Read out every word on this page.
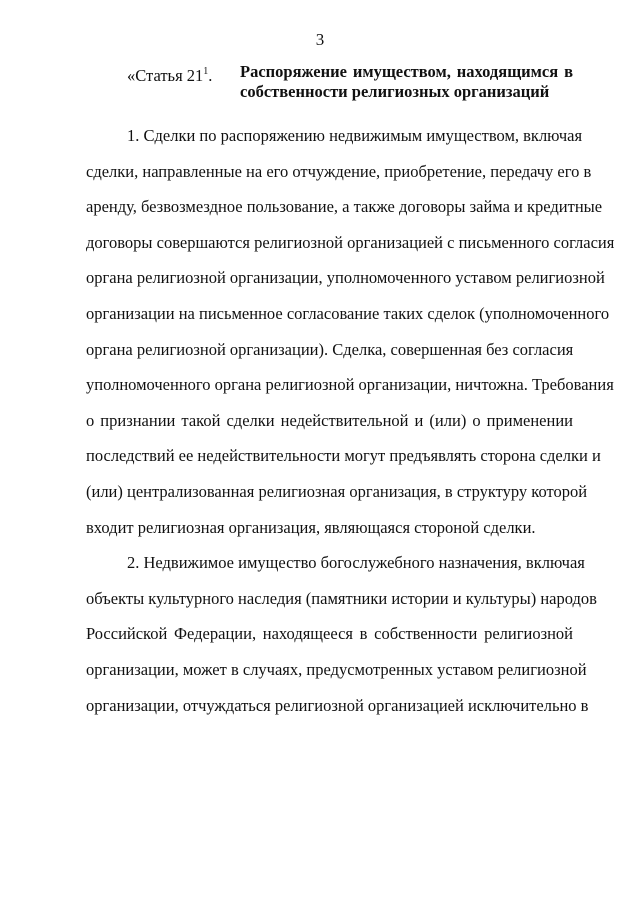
3
«Статья $21^1$. Распоряжение имуществом, находящимся в
собственности религиозных организаций

1. Сделки по распоряжению недвижимым имуществом, включая
сделки, направленные на его отчуждение, приобретение, передачу его в
аренду, безвозмездное пользование, а также договоры займа и кредитные
договоры совершаются религиозной организацией с письменного согласия
органа религиозной организации, уполномоченного уставом религиозной
организации на письменное согласование таких сделок (уполномоченного
органа религиозной организации). Сделка, совершенная без согласия
уполномоченного органа религиозной организации, ничтожна. Требования
о признании такой сделки недействительной и (или) о применении
последствий ее недействительности могут предъявлять сторона сделки и
(или) централизованная религиозная организация, в структуру которой
входит религиозная организация, являющаяся стороной сделки.

2. Недвижимое имущество богослужебного назначения, включая
объекты культурного наследия (памятники истории и культуры) народов
Российской Федерации, находящееся в собственности религиозной
организации, может в случаях, предусмотренных уставом религиозной
организации, отчуждаться религиозной организацией исключительно в
